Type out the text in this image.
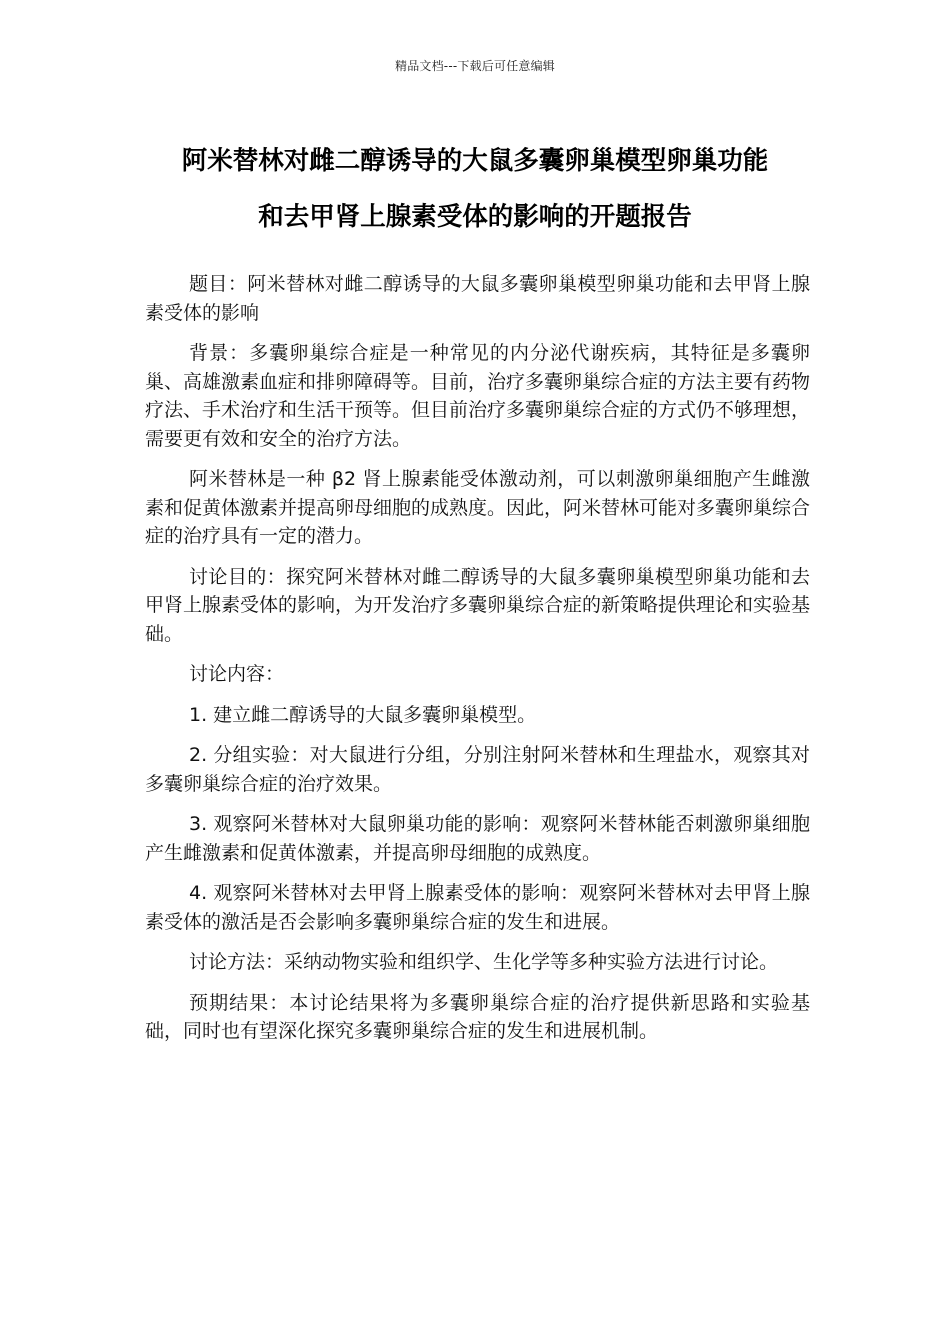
精品文档---下载后可任意编辑
阿米替林对雌二醇诱导的大鼠多囊卵巢模型卵巢功能
和去甲肾上腺素受体的影响的开题报告

题目：阿米替林对雌二醇诱导的大鼠多囊卵巢模型卵巢功能和去甲肾上腺素受体的影响

背景：多囊卵巢综合症是一种常见的内分泌代谢疾病，其特征是多囊卵巢、高雄激素血症和排卵障碍等。目前，治疗多囊卵巢综合症的方法主要有药物疗法、手术治疗和生活干预等。但目前治疗多囊卵巢综合症的方式仍不够理想，需要更有效和安全的治疗方法。

阿米替林是一种 β2 肾上腺素能受体激动剂，可以刺激卵巢细胞产生雌激素和促黄体激素并提高卵母细胞的成熟度。因此，阿米替林可能对多囊卵巢综合症的治疗具有一定的潜力。

讨论目的：探究阿米替林对雌二醇诱导的大鼠多囊卵巢模型卵巢功能和去甲肾上腺素受体的影响，为开发治疗多囊卵巢综合症的新策略提供理论和实验基础。

讨论内容：

1. 建立雌二醇诱导的大鼠多囊卵巢模型。

2. 分组实验：对大鼠进行分组，分别注射阿米替林和生理盐水，观察其对多囊卵巢综合症的治疗效果。

3. 观察阿米替林对大鼠卵巢功能的影响：观察阿米替林能否刺激卵巢细胞产生雌激素和促黄体激素，并提高卵母细胞的成熟度。

4. 观察阿米替林对去甲肾上腺素受体的影响：观察阿米替林对去甲肾上腺素受体的激活是否会影响多囊卵巢综合症的发生和进展。

讨论方法：采纳动物实验和组织学、生化学等多种实验方法进行讨论。

预期结果：本讨论结果将为多囊卵巢综合症的治疗提供新思路和实验基础，同时也有望深化探究多囊卵巢综合症的发生和进展机制。
